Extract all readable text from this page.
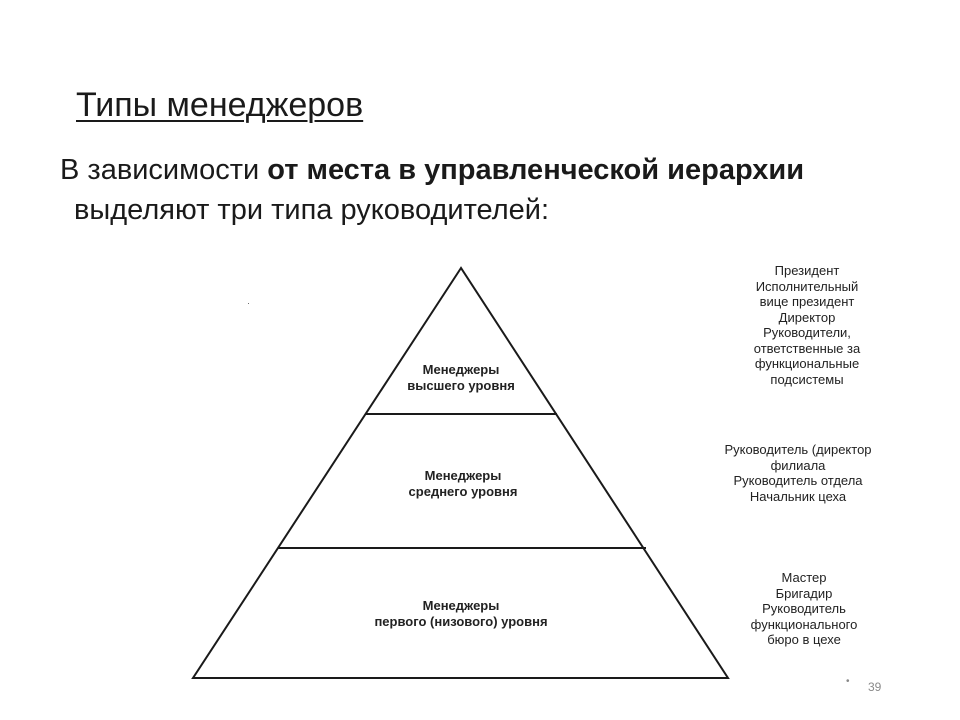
Типы менеджеров
В зависимости от места в управленческой иерархии
выделяют три типа руководителей:
·
Менеджеры
высшего уровня
Менеджеры
среднего уровня
Менеджеры
первого (низового) уровня
Президент
Исполнительный
вице президент
Директор
Руководители,
ответственные за
функциональные
подсистемы
Руководитель (директор
филиала
Руководитель отдела
Начальник цеха
Мастер
Бригадир
Руководитель
функционального
бюро в цехе
• 39
